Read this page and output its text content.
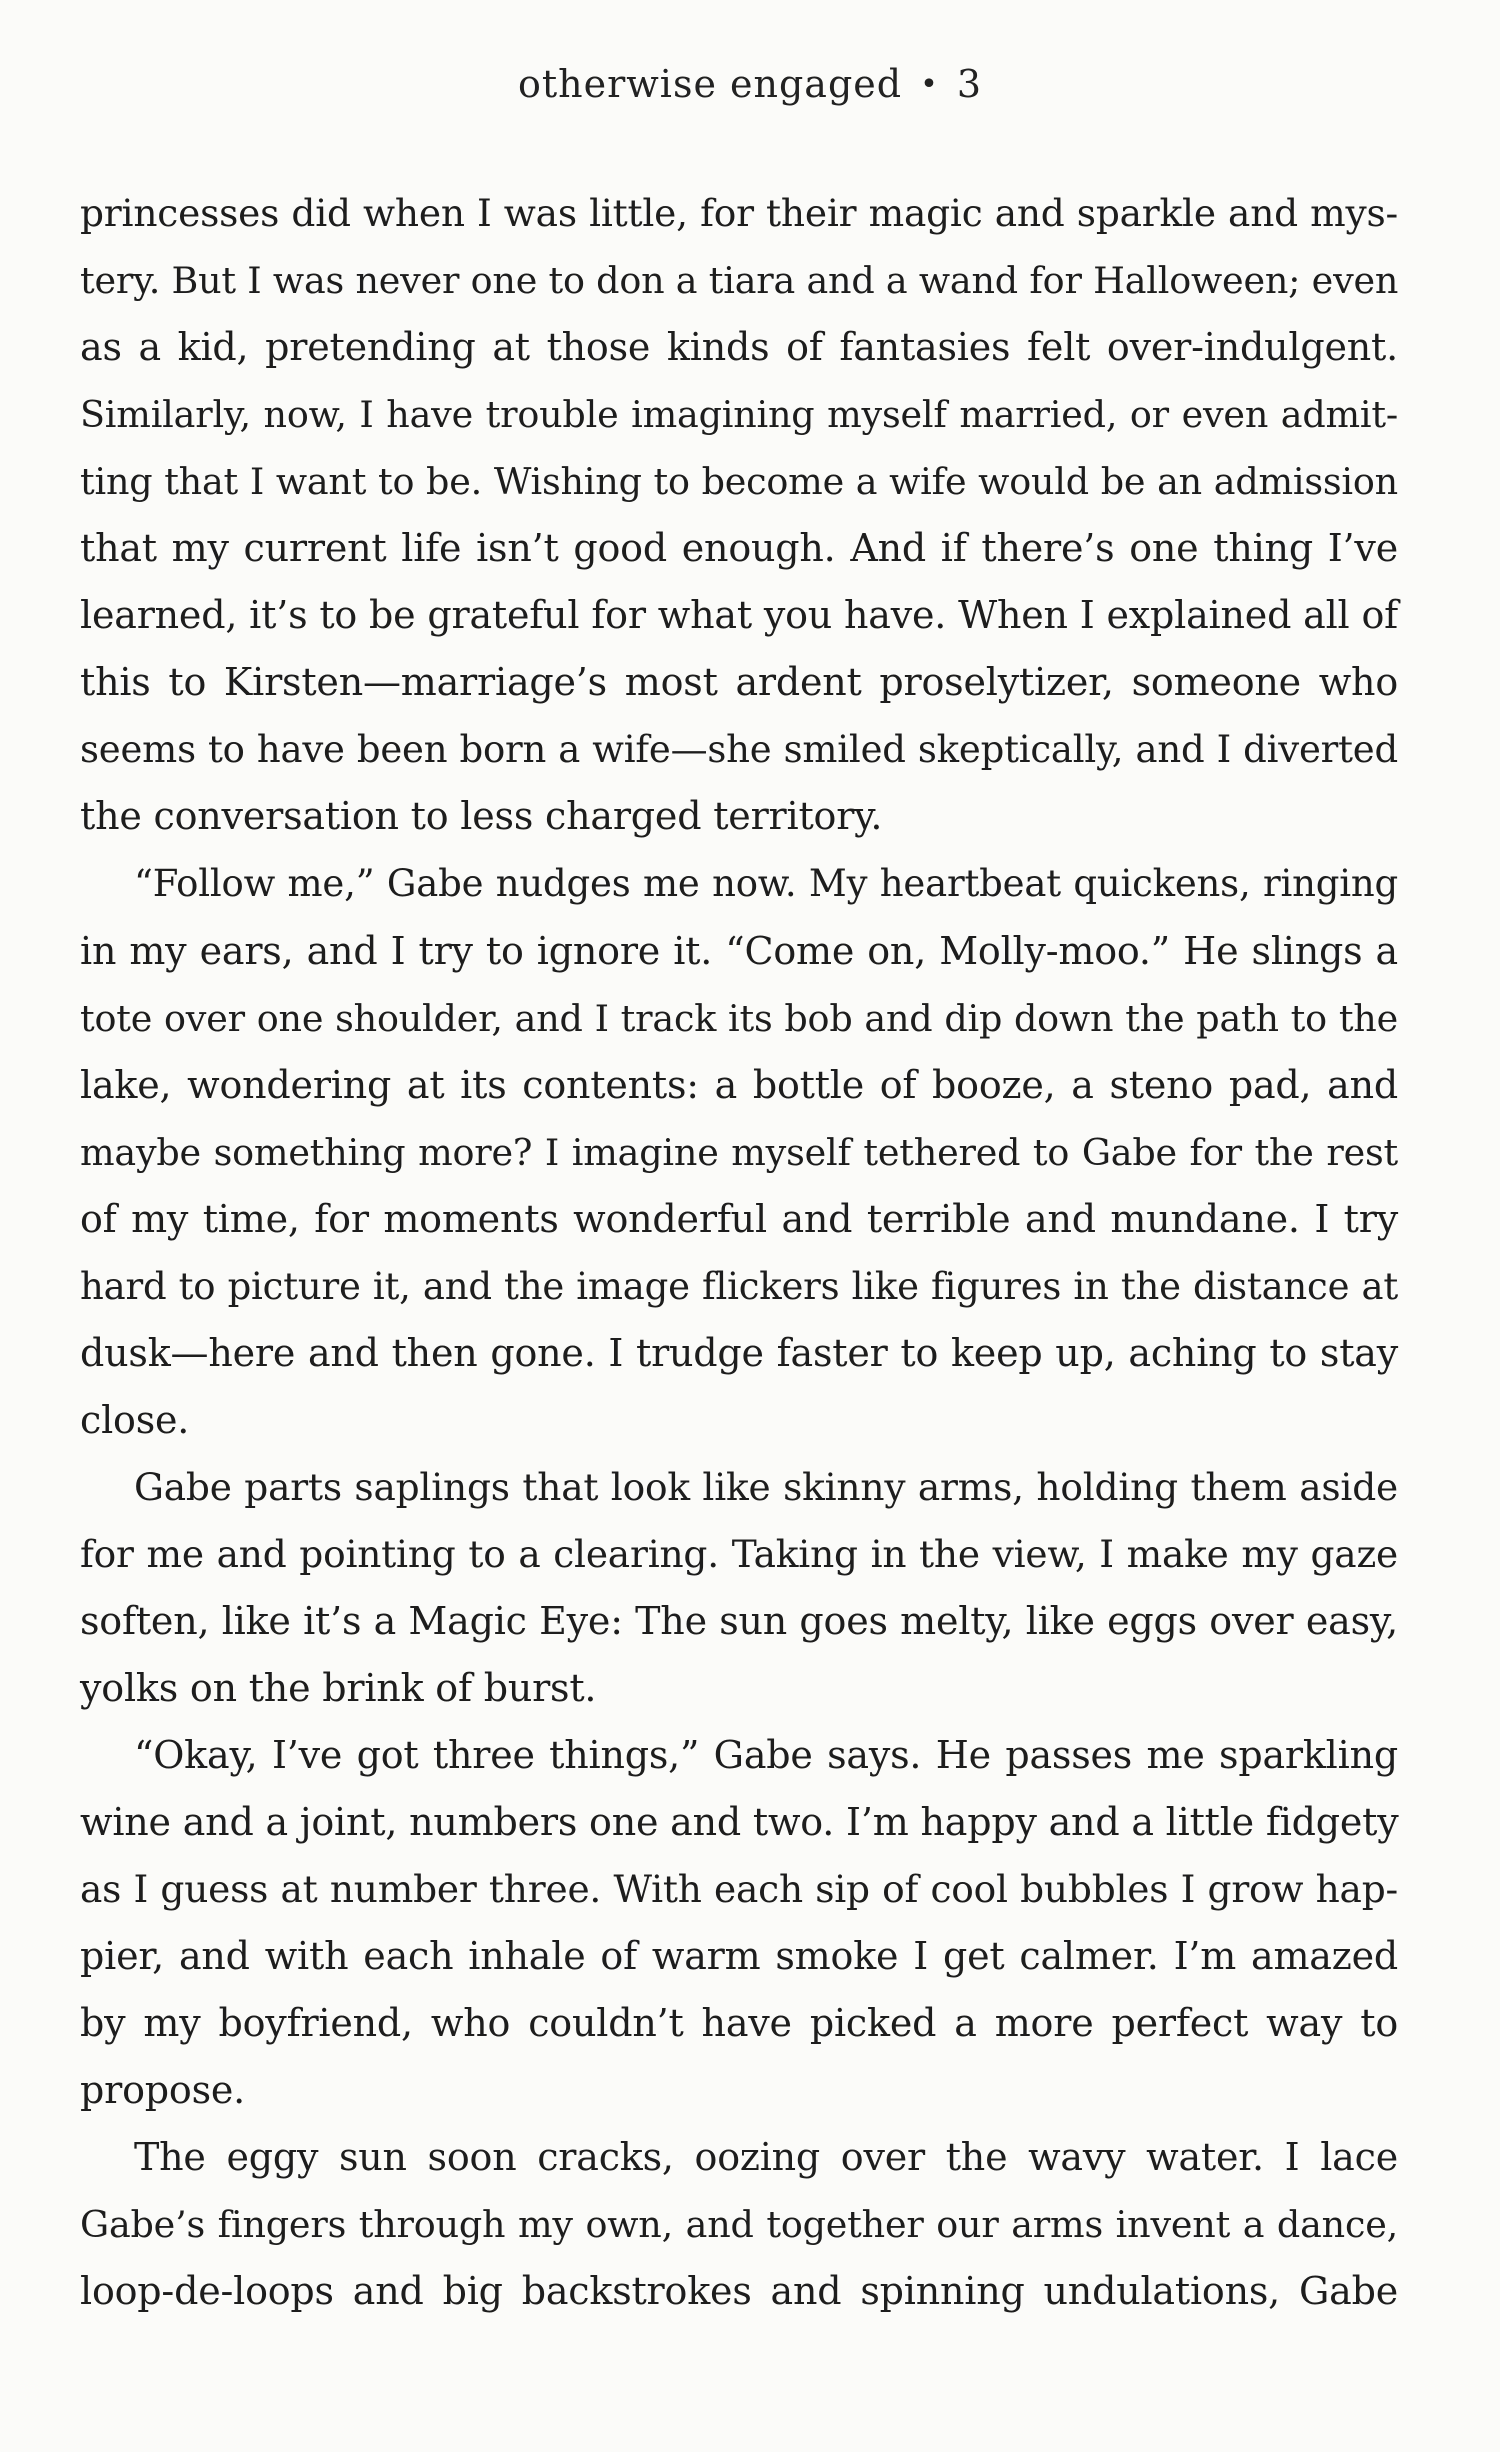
otherwise engaged • 3
princesses did when I was little, for their magic and sparkle and mys-
tery. But I was never one to don a tiara and a wand for Halloween; even
as a kid, pretending at those kinds of fantasies felt over-indulgent.
Similarly, now, I have trouble imagining myself married, or even admit-
ting that I want to be. Wishing to become a wife would be an admission
that my current life isn’t good enough. And if there’s one thing I’ve
learned, it’s to be grateful for what you have. When I explained all of
this to Kirsten—marriage’s most ardent proselytizer, someone who
seems to have been born a wife—she smiled skeptically, and I diverted
the conversation to less charged territory.
“Follow me,” Gabe nudges me now. My heartbeat quickens, ringing
in my ears, and I try to ignore it. “Come on, Molly-moo.” He slings a
tote over one shoulder, and I track its bob and dip down the path to the
lake, wondering at its contents: a bottle of booze, a steno pad, and
maybe something more? I imagine myself tethered to Gabe for the rest
of my time, for moments wonderful and terrible and mundane. I try
hard to picture it, and the image flickers like figures in the distance at
dusk—here and then gone. I trudge faster to keep up, aching to stay
close.
Gabe parts saplings that look like skinny arms, holding them aside
for me and pointing to a clearing. Taking in the view, I make my gaze
soften, like it’s a Magic Eye: The sun goes melty, like eggs over easy,
yolks on the brink of burst.
“Okay, I’ve got three things,” Gabe says. He passes me sparkling
wine and a joint, numbers one and two. I’m happy and a little fidgety
as I guess at number three. With each sip of cool bubbles I grow hap-
pier, and with each inhale of warm smoke I get calmer. I’m amazed
by my boyfriend, who couldn’t have picked a more perfect way to
propose.
The eggy sun soon cracks, oozing over the wavy water. I lace
Gabe’s fingers through my own, and together our arms invent a dance,
loop-de-loops and big backstrokes and spinning undulations, Gabe
